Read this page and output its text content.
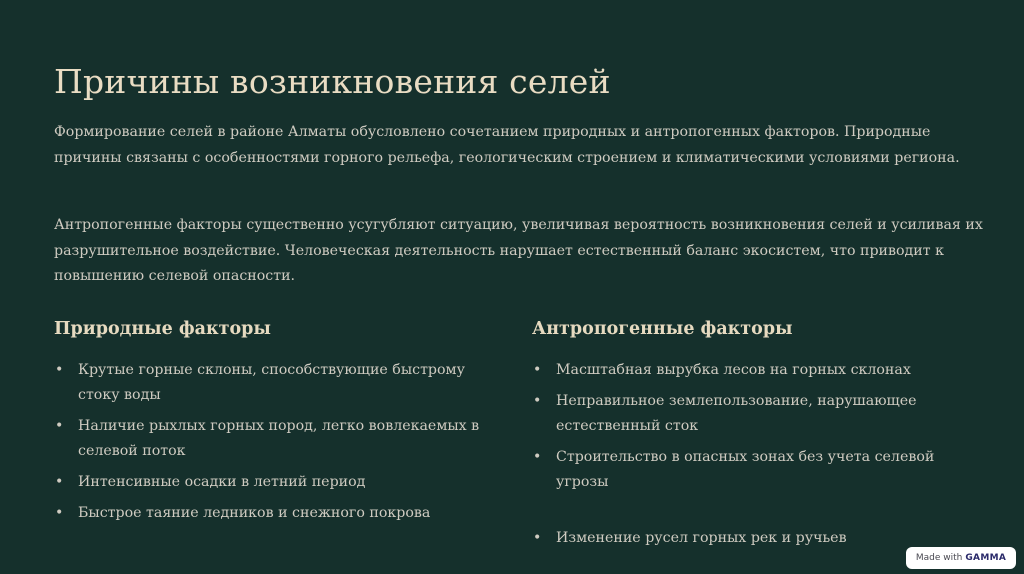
Причины возникновения селей

Формирование селей в районе Алматы обусловлено сочетанием природных и антропогенных факторов. Природные причины связаны с особенностями горного рельефа, геологическим строением и климатическими условиями региона.

Антропогенные факторы существенно усугубляют ситуацию, увеличивая вероятность возникновения селей и усиливая их разрушительное воздействие. Человеческая деятельность нарушает естественный баланс экосистем, что приводит к повышению селевой опасности.

Природные факторы
• Крутые горные склоны, способствующие быстрому стоку воды
• Наличие рыхлых горных пород, легко вовлекаемых в селевой поток
• Интенсивные осадки в летний период
• Быстрое таяние ледников и снежного покрова
Антропогенные факторы
• Масштабная вырубка лесов на горных склонах
• Неправильное землепользование, нарушающее естественный сток
• Строительство в опасных зонах без учета селевой угрозы
• Изменение русел горных рек и ручьев
Made with GAMMA
